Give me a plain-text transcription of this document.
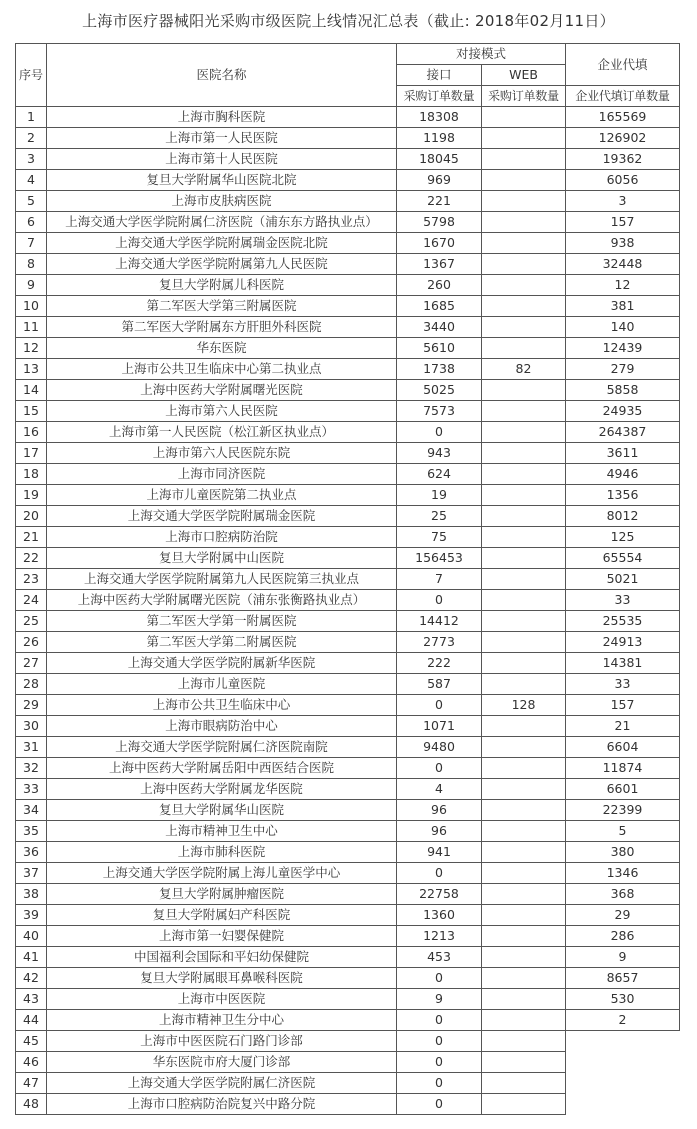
上海市医疗器械阳光采购市级医院上线情况汇总表（截止: 2018年02月11日）
序号	医院名称	对接模式		企业代填
		接口	WEB	
		采购订单数量	采购订单数量	企业代填订单数量
1	上海市胸科医院	18308		165569
2	上海市第一人民医院	1198		126902
3	上海市第十人民医院	18045		19362
4	复旦大学附属华山医院北院	969		6056
5	上海市皮肤病医院	221		3
6	上海交通大学医学院附属仁济医院（浦东东方路执业点）	5798		157
7	上海交通大学医学院附属瑞金医院北院	1670		938
8	上海交通大学医学院附属第九人民医院	1367		32448
9	复旦大学附属儿科医院	260		12
10	第二军医大学第三附属医院	1685		381
11	第二军医大学附属东方肝胆外科医院	3440		140
12	华东医院	5610		12439
13	上海市公共卫生临床中心第二执业点	1738	82	279
14	上海中医药大学附属曙光医院	5025		5858
15	上海市第六人民医院	7573		24935
16	上海市第一人民医院（松江新区执业点）	0		264387
17	上海市第六人民医院东院	943		3611
18	上海市同济医院	624		4946
19	上海市儿童医院第二执业点	19		1356
20	上海交通大学医学院附属瑞金医院	25		8012
21	上海市口腔病防治院	75		125
22	复旦大学附属中山医院	156453		65554
23	上海交通大学医学院附属第九人民医院第三执业点	7		5021
24	上海中医药大学附属曙光医院（浦东张衡路执业点）	0		33
25	第二军医大学第一附属医院	14412		25535
26	第二军医大学第二附属医院	2773		24913
27	上海交通大学医学院附属新华医院	222		14381
28	上海市儿童医院	587		33
29	上海市公共卫生临床中心	0	128	157
30	上海市眼病防治中心	1071		21
31	上海交通大学医学院附属仁济医院南院	9480		6604
32	上海中医药大学附属岳阳中西医结合医院	0		11874
33	上海中医药大学附属龙华医院	4		6601
34	复旦大学附属华山医院	96		22399
35	上海市精神卫生中心	96		5
36	上海市肺科医院	941		380
37	上海交通大学医学院附属上海儿童医学中心	0		1346
38	复旦大学附属肿瘤医院	22758		368
39	复旦大学附属妇产科医院	1360		29
40	上海市第一妇婴保健院	1213		286
41	中国福利会国际和平妇幼保健院	453		9
42	复旦大学附属眼耳鼻喉科医院	0		8657
43	上海市中医医院	9		530
44	上海市精神卫生分中心	0		2
45	上海市中医医院石门路门诊部	0		
46	华东医院市府大厦门诊部	0		
47	上海交通大学医学院附属仁济医院	0		
48	上海市口腔病防治院复兴中路分院	0		
